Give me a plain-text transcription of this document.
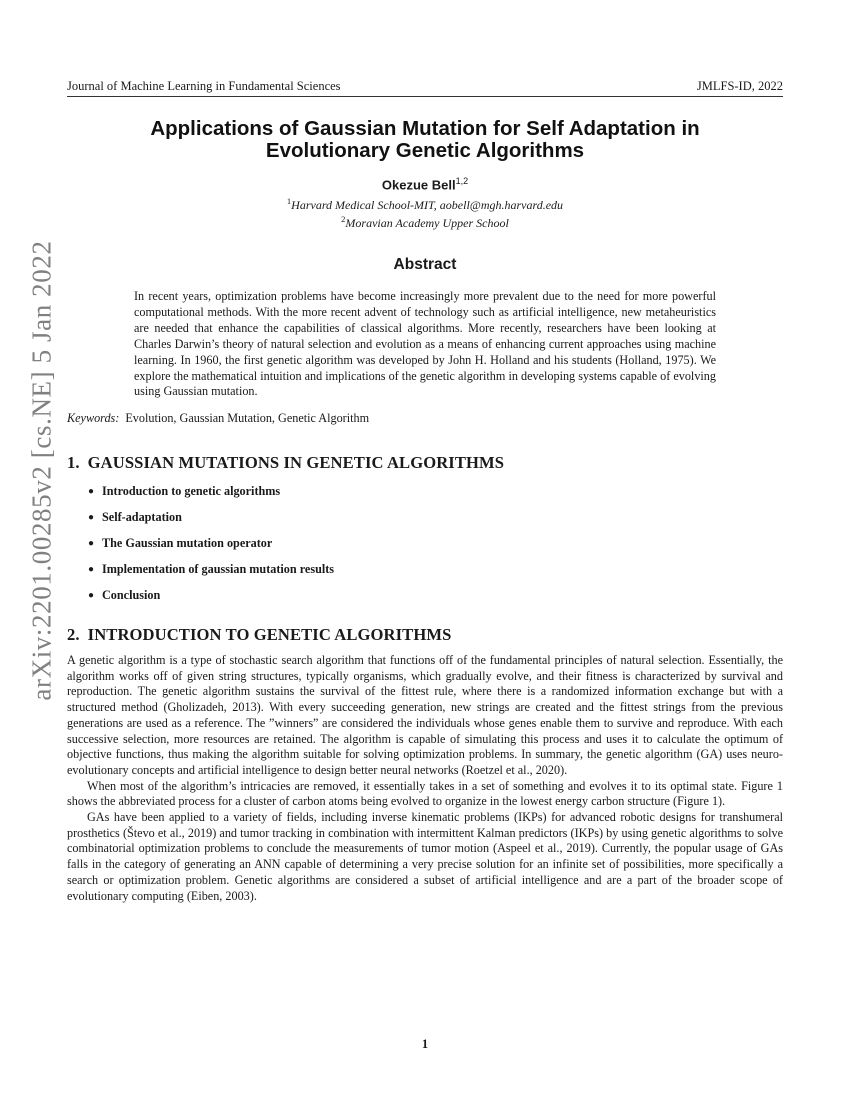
Journal of Machine Learning in Fundamental Sciences	JMLFS-ID, 2022
arXiv:2201.00285v2 [cs.NE] 5 Jan 2022
Applications of Gaussian Mutation for Self Adaptation in Evolutionary Genetic Algorithms
Okezue Bell$^{1,2}$
$^1$Harvard Medical School-MIT, aobell@mgh.harvard.edu
$^2$Moravian Academy Upper School
Abstract
In recent years, optimization problems have become increasingly more prevalent due to the need for more powerful computational methods. With the more recent advent of technology such as artificial intelligence, new metaheuristics are needed that enhance the capabilities of classical algorithms. More recently, researchers have been looking at Charles Darwin’s theory of natural selection and evolution as a means of enhancing current approaches using machine learning. In 1960, the first genetic algorithm was developed by John H. Holland and his students (Holland, 1975). We explore the mathematical intuition and implications of the genetic algorithm in developing systems capable of evolving using Gaussian mutation.
Keywords: Evolution, Gaussian Mutation, Genetic Algorithm
1. GAUSSIAN MUTATIONS IN GENETIC ALGORITHMS
● Introduction to genetic algorithms
● Self-adaptation
● The Gaussian mutation operator
● Implementation of gaussian mutation results
● Conclusion
2. INTRODUCTION TO GENETIC ALGORITHMS

A genetic algorithm is a type of stochastic search algorithm that functions off of the fundamental principles of natural selection. Essentially, the algorithm works off of given string structures, typically organisms, which gradually evolve, and their fitness is characterized by survival and reproduction. The genetic algorithm sustains the survival of the fittest rule, where there is a randomized information exchange but with a structured method (Gholizadeh, 2013). With every succeeding generation, new strings are created and the fittest strings from the previous generations are used as a reference. The ”winners” are considered the individuals whose genes enable them to survive and reproduce. With each successive selection, more resources are retained. The algorithm is capable of simulating this process and uses it to calculate the optimum of objective functions, thus making the algorithm suitable for solving optimization problems. In summary, the genetic algorithm (GA) uses neuro-evolutionary concepts and artificial intelligence to design better neural networks (Roetzel et al., 2020).

When most of the algorithm’s intricacies are removed, it essentially takes in a set of something and evolves it to its optimal state. Figure 1 shows the abbreviated process for a cluster of carbon atoms being evolved to organize in the lowest energy carbon structure (Figure 1).

GAs have been applied to a variety of fields, including inverse kinematic problems (IKPs) for advanced robotic designs for transhumeral prosthetics (Števo et al., 2019) and tumor tracking in combination with intermittent Kalman predictors (IKPs) by using genetic algorithms to solve combinatorial optimization problems to conclude the measurements of tumor motion (Aspeel et al., 2019). Currently, the popular usage of GAs falls in the category of generating an ANN capable of determining a very precise solution for an infinite set of possibilities, more specifically a search or optimization problem. Genetic algorithms are considered a subset of artificial intelligence and are a part of the broader scope of evolutionary computing (Eiben, 2003).

1
